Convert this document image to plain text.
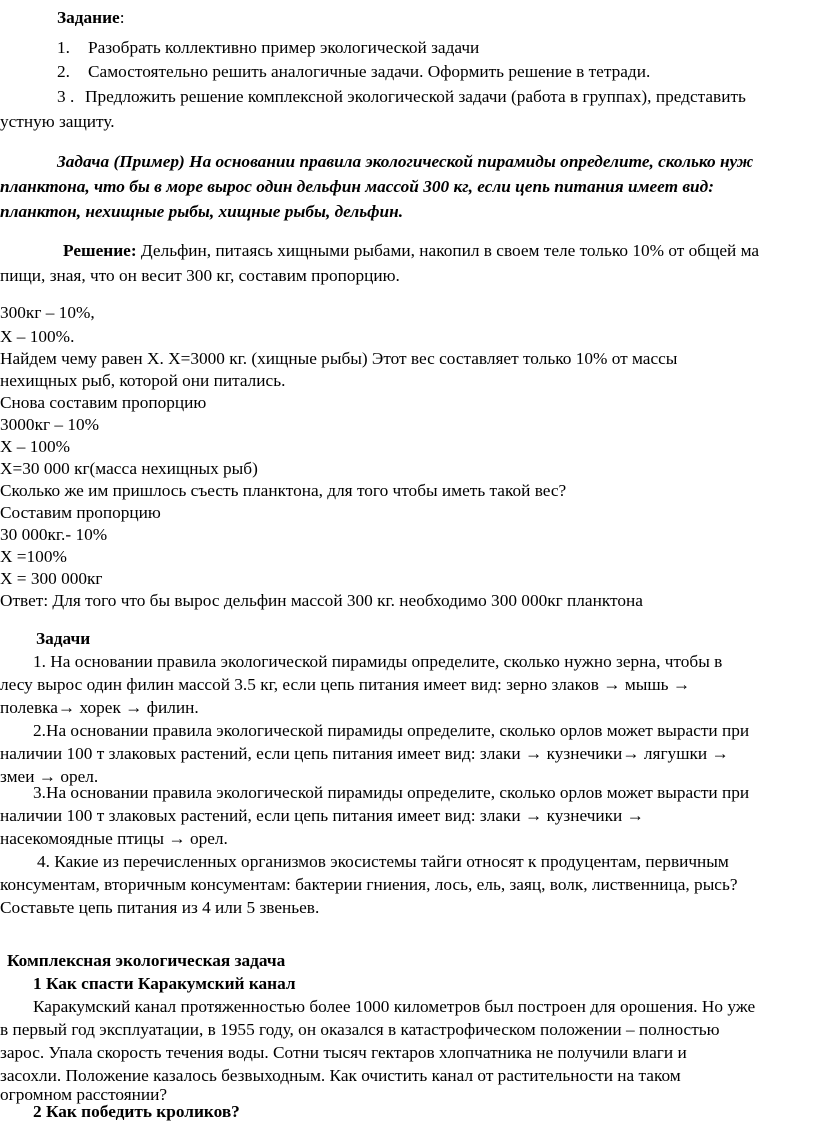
Задание:
1. Разобрать коллективно пример экологической задачи
2. Самостоятельно решить аналогичные задачи. Оформить решение в тетради.
3 . Предложить решение комплексной экологической задачи (работа в группах), представить
устную защиту.
Задача (Пример) На основании правила экологической пирамиды определите, сколько нуж
планктона, что бы в море вырос один дельфин массой 300 кг, если цепь питания имеет вид:
планктон, нехищные рыбы, хищные рыбы, дельфин.
Решение: Дельфин, питаясь хищными рыбами, накопил в своем теле только 10% от общей ма
пищи, зная, что он весит 300 кг, составим пропорцию.
300кг – 10%,
X – 100%.
Найдем чему равен X. X=3000 кг. (хищные рыбы) Этот вес составляет только 10% от массы
нехищных рыб, которой они питались.
Снова составим пропорцию
3000кг – 10%
X – 100%
X=30 000 кг(масса нехищных рыб)
Сколько же им пришлось съесть планктона, для того чтобы иметь такой вес?
Составим пропорцию
30 000кг.- 10%
X =100%
X = 300 000кг
Ответ: Для того что бы вырос дельфин массой 300 кг. необходимо 300 000кг планктона
Задачи
1. На основании правила экологической пирамиды определите, сколько нужно зерна, чтобы в
лесу вырос один филин массой 3.5 кг, если цепь питания имеет вид: зерно злаков → мышь →
полевка→ хорек → филин.
2.На основании правила экологической пирамиды определите, сколько орлов может вырасти при
наличии 100 т злаковых растений, если цепь питания имеет вид: злаки → кузнечики→ лягушки →
змеи → орел.
3.На основании правила экологической пирамиды определите, сколько орлов может вырасти при
наличии 100 т злаковых растений, если цепь питания имеет вид: злаки → кузнечики →
насекомоядные птицы → орел.
4. Какие из перечисленных организмов экосистемы тайги относят к продуцентам, первичным
консументам, вторичным консументам: бактерии гниения, лось, ель, заяц, волк, лиственница, рысь?
Составьте цепь питания из 4 или 5 звеньев.
Комплексная экологическая задача
1 Как спасти Каракумский канал
Каракумский канал протяженностью более 1000 километров был построен для орошения. Но уже
в первый год эксплуатации, в 1955 году, он оказался в катастрофическом положении – полностью
зарос. Упала скорость течения воды. Сотни тысяч гектаров хлопчатника не получили влаги и
засохли. Положение казалось безвыходным. Как очистить канал от растительности на таком
огромном расстоянии?
2 Как победить кроликов?
